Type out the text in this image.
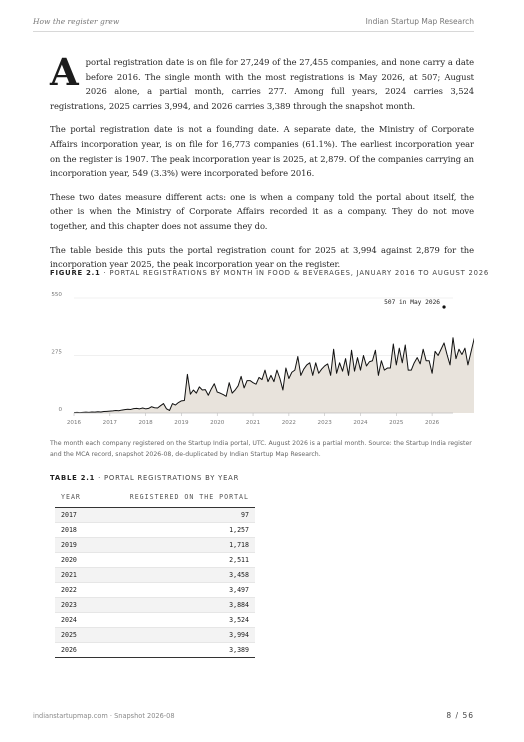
How the register grew	Indian Startup Map Research

Aportal registration date is on file for 27,249 of the 27,455 companies, and none carry a date before 2016. The single month with the most registrations is May 2026, at 507; August 2026 alone, a partial month, carries 277. Among full years, 2024 carries 3,524 registrations, 2025 carries 3,994, and 2026 carries 3,389 through the snapshot month.

The portal registration date is not a founding date. A separate date, the Ministry of Corporate Affairs incorporation year, is on file for 16,773 companies (61.1%). The earliest incorporation year on the register is 1907. The peak incorporation year is 2025, at 2,879. Of the companies carrying an incorporation year, 549 (3.3%) were incorporated before 2016.

These two dates measure different acts: one is when a company told the portal about itself, the other is when the Ministry of Corporate Affairs recorded it as a company. They do not move together, and this chapter does not assume they do.

The table beside this puts the portal registration count for 2025 at 3,994 against 2,879 for the incorporation year 2025, the peak incorporation year on the register.

FIGURE 2.1 · PORTAL REGISTRATIONS BY MONTH IN FOOD & BEVERAGES, JANUARY 2016 TO AUGUST 2026
0
275
550
2016	2017	2018	2019	2020	2021	2022	2023	2024	2025	2026
507 in May 2026
The month each company registered on the Startup India portal, UTC. August 2026 is a partial month. Source: the Startup India register and the MCA record, snapshot 2026-08, de-duplicated by Indian Startup Map Research.
TABLE 2.1 · PORTAL REGISTRATIONS BY YEAR
YEAR	REGISTERED ON THE PORTAL
2017	97
2018	1,257
2019	1,718
2020	2,511
2021	3,458
2022	3,497
2023	3,884
2024	3,524
2025	3,994
2026	3,389
indianstartupmap.com · Snapshot 2026-08	8 / 56
